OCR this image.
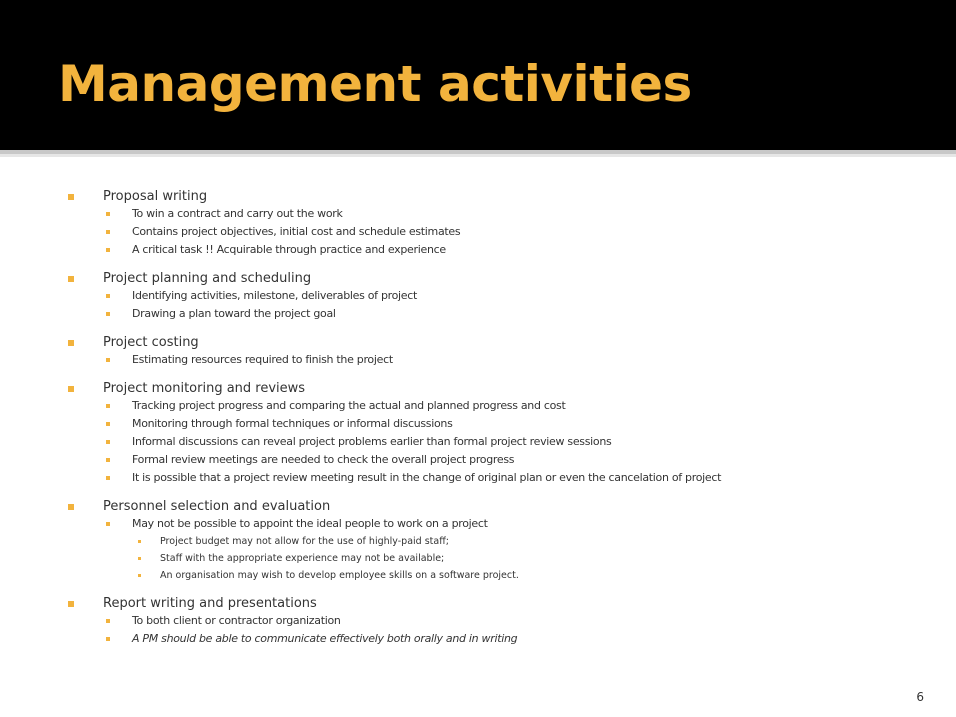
Management activities
Proposal writing
To win a contract and carry out the work
Contains project objectives, initial cost and schedule estimates
A critical task !! Acquirable through practice and experience
Project planning and scheduling
Identifying activities, milestone, deliverables of project
Drawing a plan toward the project goal
Project costing
Estimating resources required to finish the project
Project monitoring and reviews
Tracking project progress and comparing the actual and planned progress and cost
Monitoring through formal techniques or informal discussions
Informal discussions can reveal project problems earlier than formal project review sessions
Formal review meetings are needed to check the overall project progress
It is possible that a project review meeting result in the change of original plan or even the cancelation of project
Personnel selection and evaluation
May not be possible to appoint the ideal people to work on a project
Project budget may not allow for the use of highly-paid staff;
Staff with the appropriate experience may not be available;
An organisation may wish to develop employee skills on a software project.
Report writing and presentations
To both client or contractor organization
A PM should be able to communicate effectively both orally and in writing
6
